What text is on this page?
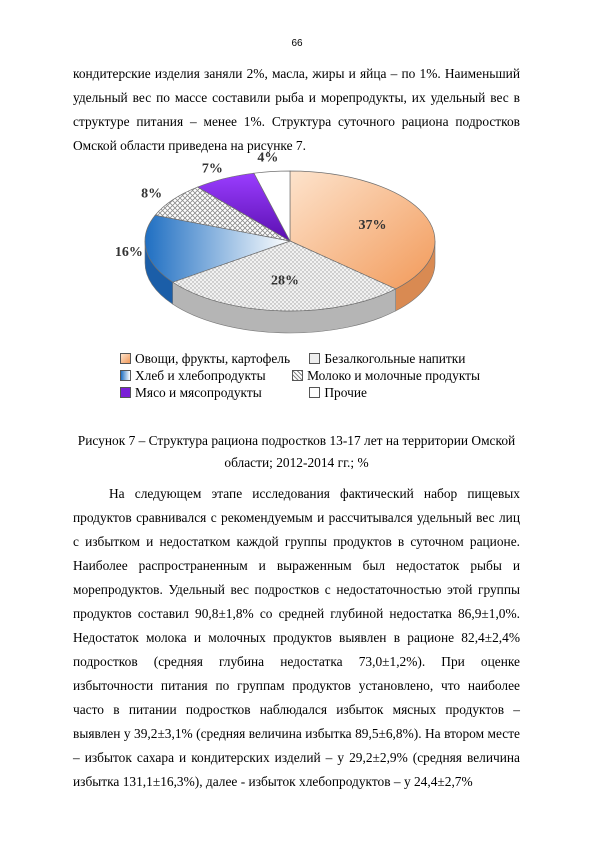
66

кондитерские изделия заняли 2%, масла, жиры и яйца – по 1%. Наименьший удельный вес по массе составили рыба и морепродукты, их удельный вес в структуре питания – менее 1%. Структура суточного рациона подростков Омской области приведена на рисунке 7.

37%
28%
16%
8%
7%
4%
Овощи, фрукты, картофель	Безалкогольные напитки
Хлеб и хлебопродукты	Молоко и молочные продукты
Мясо и мясопродукты	Прочие

Рисунок 7 – Структура рациона подростков 13-17 лет на территории Омской области; 2012-2014 гг.; %

На следующем этапе исследования фактический набор пищевых продуктов сравнивался с рекомендуемым и рассчитывался удельный вес лиц с избытком и недостатком каждой группы продуктов в суточном рационе. Наиболее распространенным и выраженным был недостаток рыбы и морепродуктов. Удельный вес подростков с недостаточностью этой группы продуктов составил 90,8±1,8% со средней глубиной недостатка 86,9±1,0%. Недостаток молока и молочных продуктов выявлен в рационе 82,4±2,4% подростков (средняя глубина недостатка 73,0±1,2%). При оценке избыточности питания по группам продуктов установлено, что наиболее часто в питании подростков наблюдался избыток мясных продуктов – выявлен у 39,2±3,1% (средняя величина избытка 89,5±6,8%). На втором месте – избыток сахара и кондитерских изделий – у 29,2±2,9% (средняя величина избытка 131,1±16,3%), далее - избыток хлебопродуктов – у 24,4±2,7%
